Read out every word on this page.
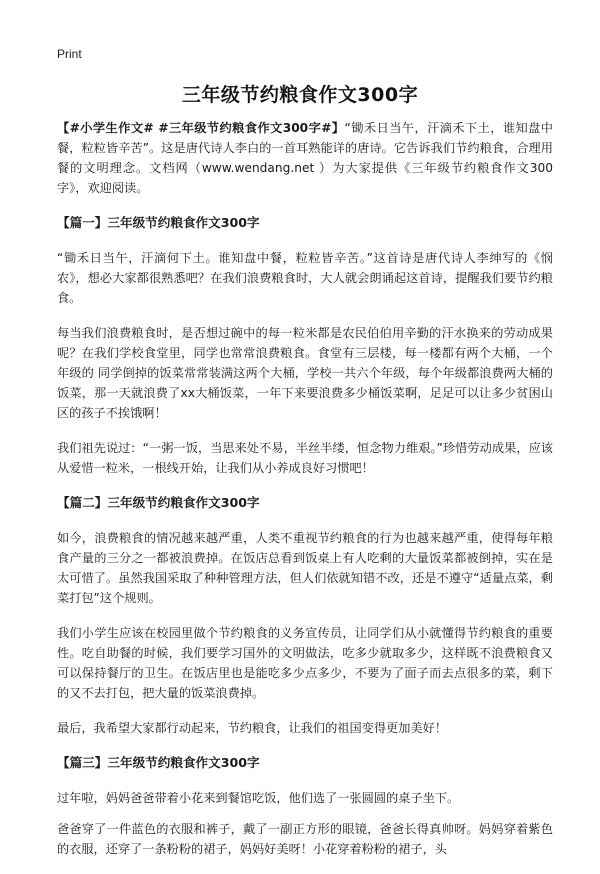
Print
三年级节约粮食作文300字

【#小学生作文# #三年级节约粮食作文300字#】“锄禾日当午，汗滴禾下土，谁知盘中餐，粒粒皆辛苦”。这是唐代诗人李白的一首耳熟能详的唐诗。它告诉我们节约粮食，合理用餐的文明理念。文档网（www.wendang.net ）为大家提供《三年级节约粮食作文300字》，欢迎阅读。

【篇一】三年级节约粮食作文300字

“锄禾日当午，汗滴何下土。谁知盘中餐，粒粒皆辛苦。”这首诗是唐代诗人李绅写的《悯农》，想必大家都很熟悉吧？在我们浪费粮食时，大人就会朗诵起这首诗，提醒我们要节约粮食。

每当我们浪费粮食时，是否想过碗中的每一粒米都是农民伯伯用辛勤的汗水换来的劳动成果呢？在我们学校食堂里，同学也常常浪费粮食。食堂有三层楼，每一楼都有两个大桶，一个年级的 同学倒掉的饭菜常常装满这两个大桶，学校一共六个年级，每个年级都浪费两大桶的饭菜，那一天就浪费了xx大桶饭菜，一年下来要浪费多少桶饭菜啊，足足可以让多少贫困山区的孩子不挨饿啊！

我们祖先说过：“一粥一饭，当思来处不易，半丝半缕，恒念物力维艰。”珍惜劳动成果，应该从爱惜一粒米，一根线开始，让我们从小养成良好习惯吧！

【篇二】三年级节约粮食作文300字

如今，浪费粮食的情况越来越严重，人类不重视节约粮食的行为也越来越严重，使得每年粮食产量的三分之一都被浪费掉。在饭店总看到饭桌上有人吃剩的大量饭菜都被倒掉，实在是太可惜了。虽然我国采取了种种管理方法，但人们依就知错不改，还是不遵守“适量点菜，剩菜打包”这个规则。

我们小学生应该在校园里做个节约粮食的义务宣传员，让同学们从小就懂得节约粮食的重要性。吃自助餐的时候，我们要学习国外的文明做法，吃多少就取多少，这样既不浪费粮食又可以保持餐厅的卫生。在饭店里也是能吃多少点多少，不要为了面子而去点很多的菜，剩下的又不去打包，把大量的饭菜浪费掉。

最后，我希望大家都行动起来，节约粮食，让我们的祖国变得更加美好！

【篇三】三年级节约粮食作文300字

过年啦，妈妈爸爸带着小花来到餐馆吃饭，他们选了一张圆圆的桌子坐下。

爸爸穿了一件蓝色的衣服和裤子，戴了一副正方形的眼镜，爸爸长得真帅呀。妈妈穿着紫色的衣服，还穿了一条粉粉的裙子，妈妈好美呀！小花穿着粉粉的裙子，头
